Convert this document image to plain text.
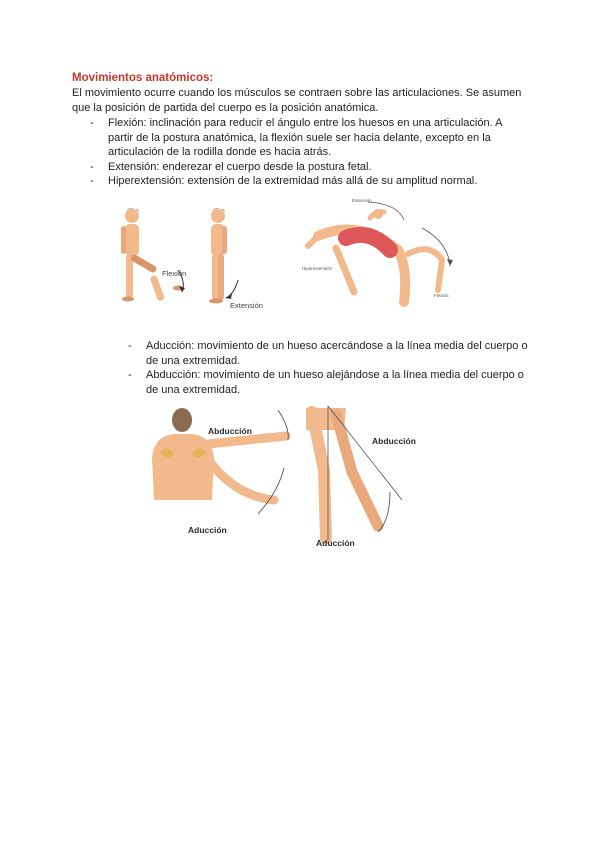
Movimientos anatómicos:
El movimiento ocurre cuando los músculos se contraen sobre las articulaciones. Se asumen que la posición de partida del cuerpo es la posición anatómica.
- Flexión: inclinación para reducir el ángulo entre los huesos en una articulación. A partir de la postura anatómica, la flexión suele ser hacia delante, excepto en la articulación de la rodilla donde es hacia atrás.
- Extensión: enderezar el cuerpo desde la postura fetal.
- Hiperextensión: extensión de la extremidad más allá de su amplitud normal.
Flexión
Extensión
Extensión
Hiperextensión
Flexión
- Aducción: movimiento de un hueso acercándose a la línea media del cuerpo o de una extremidad.
- Abducción: movimiento de un hueso alejándose a la línea media del cuerpo o de una extremidad.
Abducción
Aducción
Abducción
Aducción
